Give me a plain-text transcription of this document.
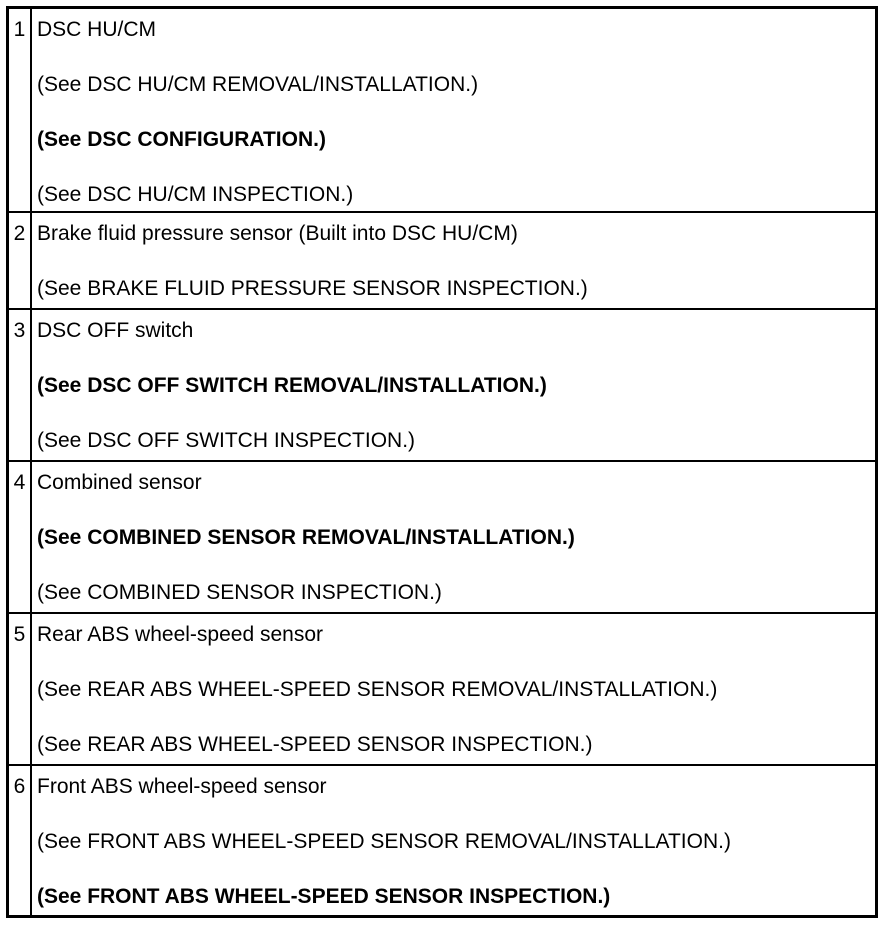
1 DSC HU/CM
(See DSC HU/CM REMOVAL/INSTALLATION.)
(See DSC CONFIGURATION.)
(See DSC HU/CM INSPECTION.)
2 Brake fluid pressure sensor (Built into DSC HU/CM)
(See BRAKE FLUID PRESSURE SENSOR INSPECTION.)
3 DSC OFF switch
(See DSC OFF SWITCH REMOVAL/INSTALLATION.)
(See DSC OFF SWITCH INSPECTION.)
4 Combined sensor
(See COMBINED SENSOR REMOVAL/INSTALLATION.)
(See COMBINED SENSOR INSPECTION.)
5 Rear ABS wheel-speed sensor
(See REAR ABS WHEEL-SPEED SENSOR REMOVAL/INSTALLATION.)
(See REAR ABS WHEEL-SPEED SENSOR INSPECTION.)
6 Front ABS wheel-speed sensor
(See FRONT ABS WHEEL-SPEED SENSOR REMOVAL/INSTALLATION.)
(See FRONT ABS WHEEL-SPEED SENSOR INSPECTION.)
